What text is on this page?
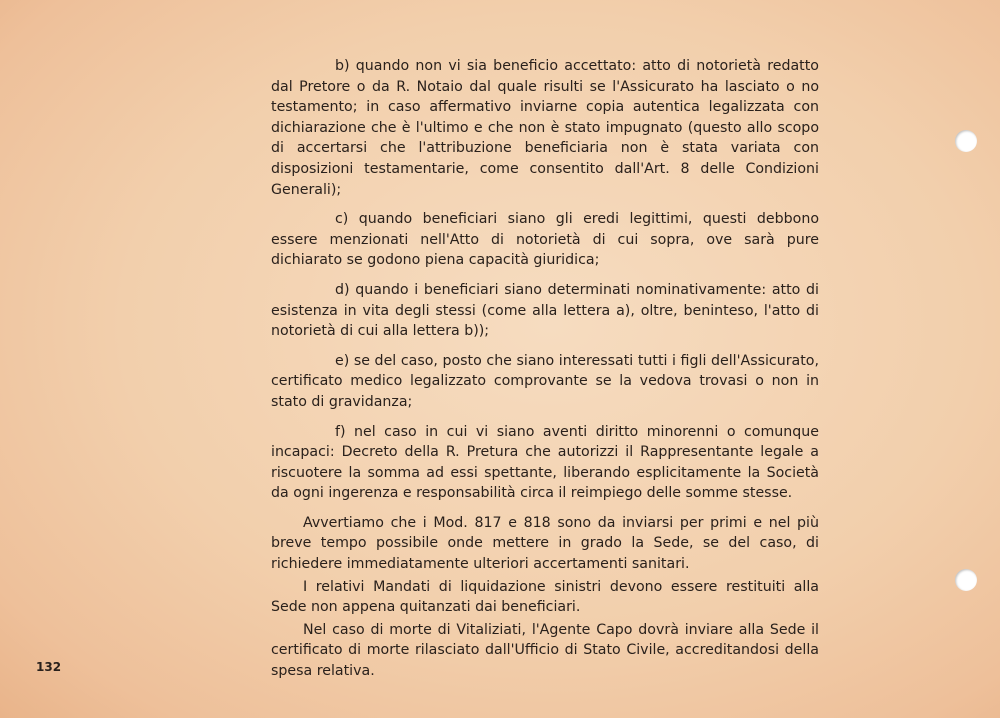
b) quando non vi sia beneficio accettato: atto di notorietà redatto dal Pretore o da R. Notaio dal quale risulti se l'Assicurato ha lasciato o no testamento; in caso affermativo inviarne copia autentica legalizzata con dichiarazione che è l'ultimo e che non è stato impugnato (questo allo scopo di accertarsi che l'attribuzione beneficiaria non è stata variata con disposizioni testamentarie, come consentito dall'Art. 8 delle Condizioni Generali);

c) quando beneficiari siano gli eredi legittimi, questi debbono essere menzionati nell'Atto di notorietà di cui sopra, ove sarà pure dichiarato se godono piena capacità giuridica;

d) quando i beneficiari siano determinati nominativamente: atto di esistenza in vita degli stessi (come alla lettera a), oltre, beninteso, l'atto di notorietà di cui alla lettera b));

e) se del caso, posto che siano interessati tutti i figli dell'Assicurato, certificato medico legalizzato comprovante se la vedova trovasi o non in stato di gravidanza;

f) nel caso in cui vi siano aventi diritto minorenni o comunque incapaci: Decreto della R. Pretura che autorizzi il Rappresentante legale a riscuotere la somma ad essi spettante, liberando esplicitamente la Società da ogni ingerenza e responsabilità circa il reimpiego delle somme stesse.

Avvertiamo che i Mod. 817 e 818 sono da inviarsi per primi e nel più breve tempo possibile onde mettere in grado la Sede, se del caso, di richiedere immediatamente ulteriori accertamenti sanitari.

I relativi Mandati di liquidazione sinistri devono essere restituiti alla Sede non appena quitanzati dai beneficiari.

Nel caso di morte di Vitaliziati, l'Agente Capo dovrà inviare alla Sede il certificato di morte rilasciato dall'Ufficio di Stato Civile, accreditandosi della spesa relativa.

132
